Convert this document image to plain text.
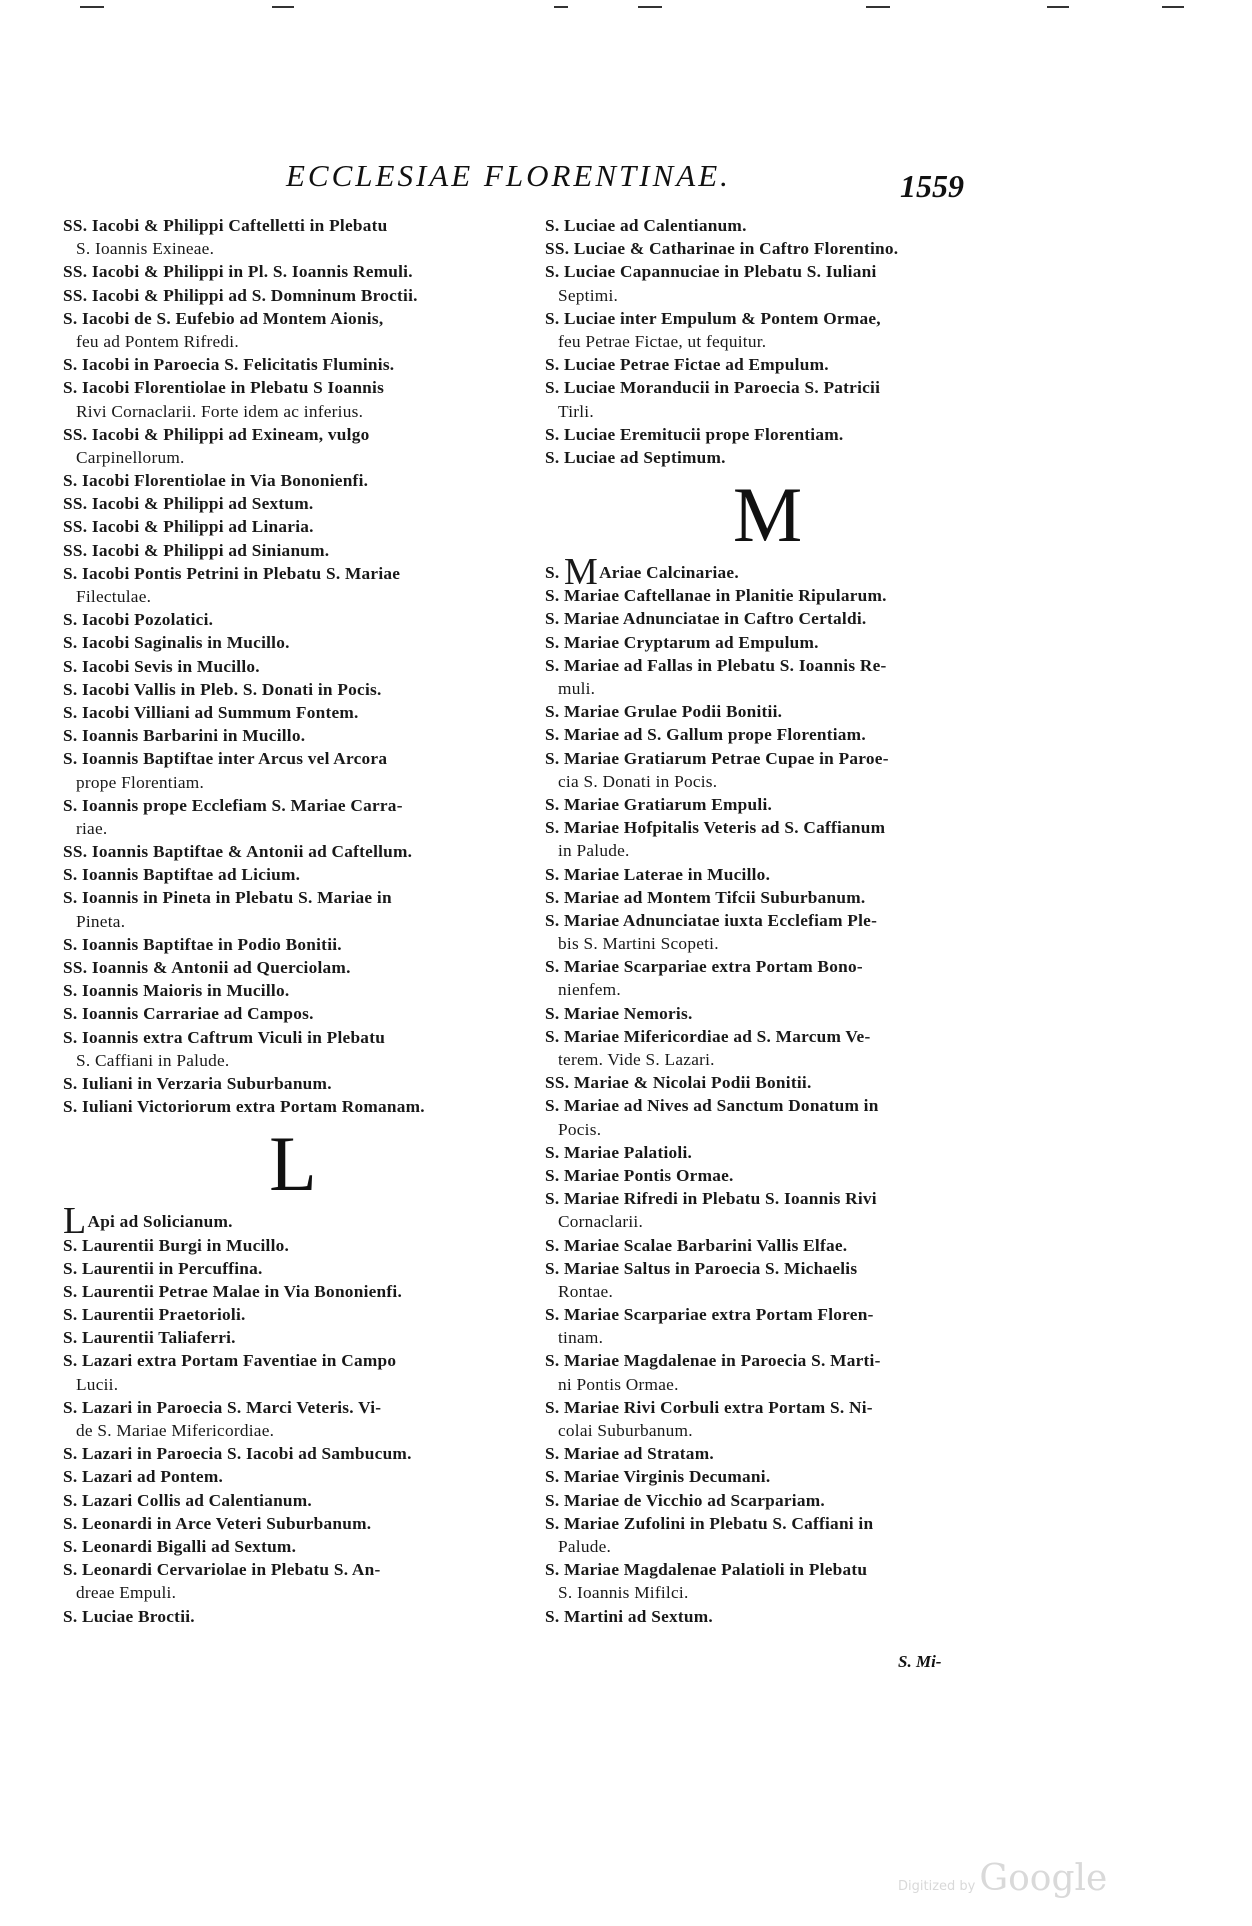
ECCLESIAE FLORENTINAE.	1559
SS. Iacobi & Philippi Caftelletti in Plebatu
S. Ioannis Exineae.
SS. Iacobi & Philippi in Pl. S. Ioannis Remuli.
SS. Iacobi & Philippi ad S. Domninum Broctii.
S. Iacobi de S. Eufebio ad Montem Aionis,
feu ad Pontem Rifredi.
S. Iacobi in Paroecia S. Felicitatis Fluminis.
S. Iacobi Florentiolae in Plebatu S Ioannis
Rivi Cornaclarii. Forte idem ac inferius.
SS. Iacobi & Philippi ad Exineam, vulgo
Carpinellorum.
S. Iacobi Florentiolae in Via Bononienfi.
SS. Iacobi & Philippi ad Sextum.
SS. Iacobi & Philippi ad Linaria.
SS. Iacobi & Philippi ad Sinianum.
S. Iacobi Pontis Petrini in Plebatu S. Mariae
Filectulae.
S. Iacobi Pozolatici.
S. Iacobi Saginalis in Mucillo.
S. Iacobi Sevis in Mucillo.
S. Iacobi Vallis in Pleb. S. Donati in Pocis.
S. Iacobi Villiani ad Summum Fontem.
S. Ioannis Barbarini in Mucillo.
S. Ioannis Baptiftae inter Arcus vel Arcora
prope Florentiam.
S. Ioannis prope Ecclefiam S. Mariae Carra-
riae.
SS. Ioannis Baptiftae & Antonii ad Caftellum.
S. Ioannis Baptiftae ad Licium.
S. Ioannis in Pineta in Plebatu S. Mariae in
Pineta.
S. Ioannis Baptiftae in Podio Bonitii.
SS. Ioannis & Antonii ad Querciolam.
S. Ioannis Maioris in Mucillo.
S. Ioannis Carrariae ad Campos.
S. Ioannis extra Caftrum Viculi in Plebatu
S. Caffiani in Palude.
S. Iuliani in Verzaria Suburbanum.
S. Iuliani Victoriorum extra Portam Romanam.
L
LApi ad Solicianum.
S. Laurentii Burgi in Mucillo.
S. Laurentii in Percuffina.
S. Laurentii Petrae Malae in Via Bononienfi.
S. Laurentii Praetorioli.
S. Laurentii Taliaferri.
S. Lazari extra Portam Faventiae in Campo
Lucii.
S. Lazari in Paroecia S. Marci Veteris. Vi-
de S. Mariae Mifericordiae.
S. Lazari in Paroecia S. Iacobi ad Sambucum.
S. Lazari ad Pontem.
S. Lazari Collis ad Calentianum.
S. Leonardi in Arce Veteri Suburbanum.
S. Leonardi Bigalli ad Sextum.
S. Leonardi Cervariolae in Plebatu S. An-
dreae Empuli.
S. Luciae Broctii.
S. Luciae ad Calentianum.
SS. Luciae & Catharinae in Caftro Florentino.
S. Luciae Capannuciae in Plebatu S. Iuliani
Septimi.
S. Luciae inter Empulum & Pontem Ormae,
feu Petrae Fictae, ut fequitur.
S. Luciae Petrae Fictae ad Empulum.
S. Luciae Moranducii in Paroecia S. Patricii
Tirli.
S. Luciae Eremitucii prope Florentiam.
S. Luciae ad Septimum.
M
S. MAriae Calcinariae.
S. Mariae Caftellanae in Planitie Ripularum.
S. Mariae Adnunciatae in Caftro Certaldi.
S. Mariae Cryptarum ad Empulum.
S. Mariae ad Fallas in Plebatu S. Ioannis Re-
muli.
S. Mariae Grulae Podii Bonitii.
S. Mariae ad S. Gallum prope Florentiam.
S. Mariae Gratiarum Petrae Cupae in Paroe-
cia S. Donati in Pocis.
S. Mariae Gratiarum Empuli.
S. Mariae Hofpitalis Veteris ad S. Caffianum
in Palude.
S. Mariae Laterae in Mucillo.
S. Mariae ad Montem Tifcii Suburbanum.
S. Mariae Adnunciatae iuxta Ecclefiam Ple-
bis S. Martini Scopeti.
S. Mariae Scarpariae extra Portam Bono-
nienfem.
S. Mariae Nemoris.
S. Mariae Mifericordiae ad S. Marcum Ve-
terem. Vide S. Lazari.
SS. Mariae & Nicolai Podii Bonitii.
S. Mariae ad Nives ad Sanctum Donatum in
Pocis.
S. Mariae Palatioli.
S. Mariae Pontis Ormae.
S. Mariae Rifredi in Plebatu S. Ioannis Rivi
Cornaclarii.
S. Mariae Scalae Barbarini Vallis Elfae.
S. Mariae Saltus in Paroecia S. Michaelis
Rontae.
S. Mariae Scarpariae extra Portam Floren-
tinam.
S. Mariae Magdalenae in Paroecia S. Marti-
ni Pontis Ormae.
S. Mariae Rivi Corbuli extra Portam S. Ni-
colai Suburbanum.
S. Mariae ad Stratam.
S. Mariae Virginis Decumani.
S. Mariae de Vicchio ad Scarpariam.
S. Mariae Zufolini in Plebatu S. Caffiani in
Palude.
S. Mariae Magdalenae Palatioli in Plebatu
S. Ioannis Mifilci.
S. Martini ad Sextum.
S. Mi-
Digitized by Google
